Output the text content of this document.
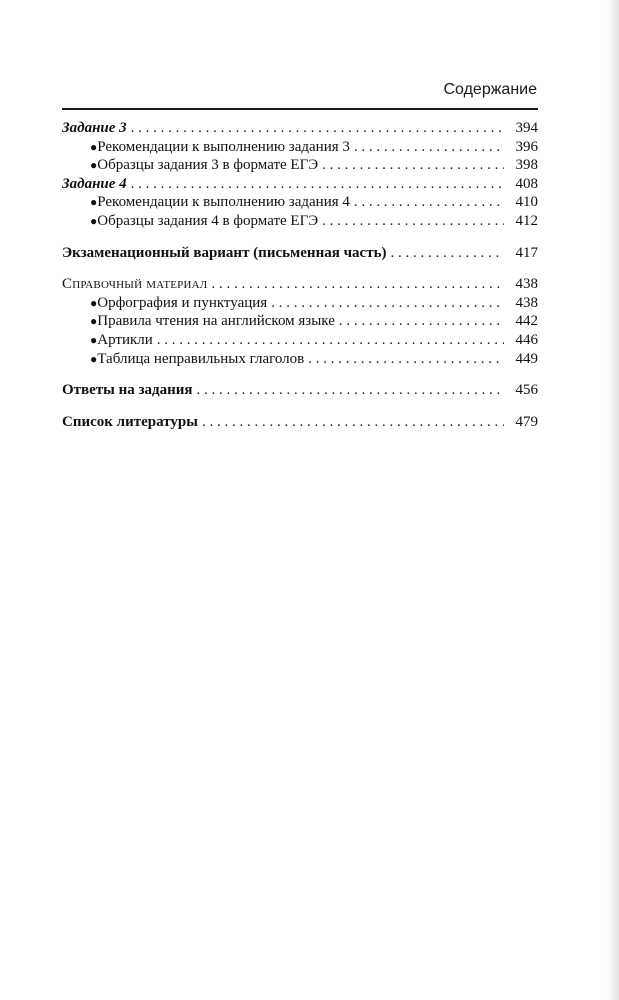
Содержание
Задание 3 . . .	394
● Рекомендации к выполнению задания 3 . . .	396
● Образцы задания 3 в формате ЕГЭ . . .	398
Задание 4 . . .	408
● Рекомендации к выполнению задания 4 . . .	410
● Образцы задания 4 в формате ЕГЭ . . .	412
Экзаменационный вариант (письменная часть) . . .	417
Справочный материал . . .	438
● Орфография и пунктуация . . .	438
● Правила чтения на английском языке . . .	442
● Артикли . . .	446
● Таблица неправильных глаголов . . .	449
Ответы на задания . . .	456
Список литературы . . .	479
